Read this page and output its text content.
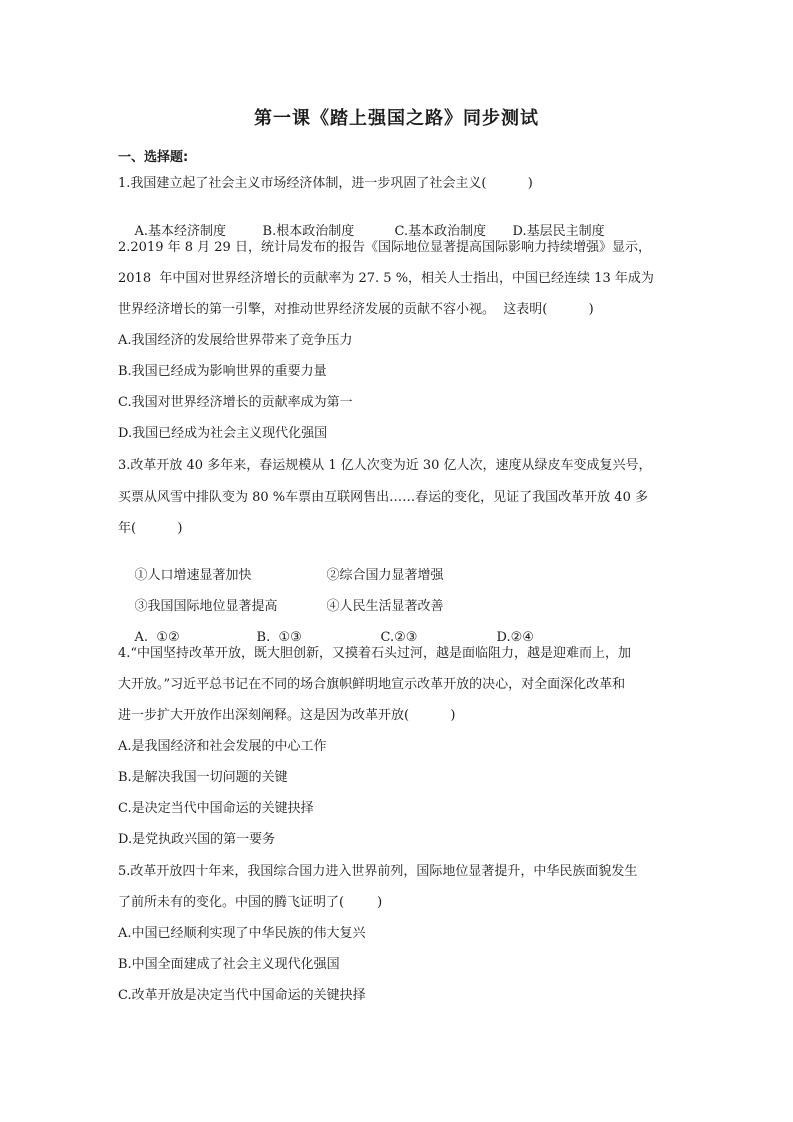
第一课《踏上强国之路》同步测试
一、选择题:
1.我国建立起了社会主义市场经济体制，进一步巩固了社会主义(          )

A.基本经济制度	B.根本政治制度	C.基本政治制度 D.基层民主制度

2.2019 年 8 月 29 日，统计局发布的报告《国际地位显著提高国际影响力持续增强》显示，
2018  年中国对世界经济增长的贡献率为 27. 5 %，相关人士指出，中国已经连续 13 年成为
世界经济增长的第一引擎，对推动世界经济发展的贡献不容小视。  这表明(          )
A.我国经济的发展给世界带来了竞争压力
B.我国已经成为影响世界的重要力量
C.我国对世界经济增长的贡献率成为第一
D.我国已经成为社会主义现代化强国
3.改革开放 40 多年来，春运规模从 1 亿人次变为近 30 亿人次，速度从绿皮车变成复兴号，
买票从风雪中排队变为 80 %车票由互联网售出……春运的变化，见证了我国改革开放 40 多
年(          )

①人口增速显著加快	②综合国力显著增强

③我国国际地位显著提高	④人民生活显著改善

A.  ①②	B.  ①③	C.②③	D.②④

4.“中国坚持改革开放，既大胆创新，又摸着石头过河，越是面临阻力，越是迎难而上，加
大开放。”习近平总书记在不同的场合旗帜鲜明地宣示改革开放的决心，对全面深化改革和
进一步扩大开放作出深刻阐释。这是因为改革开放(          )
A.是我国经济和社会发展的中心工作
B.是解决我国一切问题的关键
C.是决定当代中国命运的关键抉择
D.是党执政兴国的第一要务
5.改革开放四十年来，我国综合国力进入世界前列，国际地位显著提升，中华民族面貌发生
了前所未有的变化。中国的腾飞证明了(        )
A.中国已经顺利实现了中华民族的伟大复兴
B.中国全面建成了社会主义现代化强国
C.改革开放是决定当代中国命运的关键抉择
